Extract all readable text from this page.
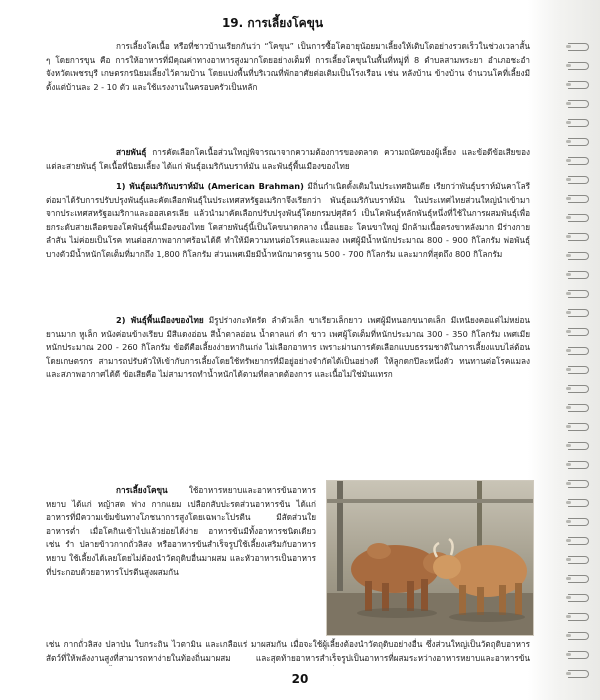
19. การเลี้ยงโคขุน

การเลี้ยงโคเนื้อ หรือที่ชาวบ้านเรียกกันว่า “โคขุน” เป็นการซื้อโคอายุน้อยมาเลี้ยงให้เติบโตอย่างรวดเร็วในช่วงเวลาสั้น ๆ โดยการขุน คือ การให้อาหารที่มีคุณค่าทางอาหารสูงมากโดยอย่างเต็มที่ การเลี้ยงโคขุนในพื้นที่หมู่ที่ 8 ตำบลสามพระยา อำเภอชะอำ จังหวัดเพชรบุรี เกษตรกรนิยมเลี้ยงไว้ตามบ้าน โดยแบ่งพื้นที่บริเวณที่พักอาศัยต่อเติมเป็นโรงเรือน เช่น หลังบ้าน ข้างบ้าน จำนวนโคที่เลี้ยงมีตั้งแต่บ้านละ 2 - 10 ตัว และใช้แรงงานในครอบครัวเป็นหลัก

สายพันธุ์ การคัดเลือกโคเนื้อส่วนใหญ่พิจารณาจากความต้องการของตลาด ความถนัดของผู้เลี้ยง และข้อดีข้อเสียของแต่ละสายพันธุ์ โคเนื้อที่นิยมเลี้ยง ได้แก่ พันธุ์อเมริกันบราห์มัน และพันธุ์พื้นเมืองของไทย

1) พันธุ์อเมริกันบราห์มัน (American Brahman) มีถิ่นกำเนิดดั้งเดิมในประเทศอินเดีย เรียกว่าพันธุ์บราห์มันคาโลรี ต่อมาได้รับการปรับปรุงพันธุ์และคัดเลือกพันธุ์ในประเทศสหรัฐอเมริกาจึงเรียกว่า พันธุ์อเมริกันบราห์มัน ในประเทศไทยส่วนใหญ่นำเข้ามาจากประเทศสหรัฐอเมริกาและออสเตรเลีย แล้วนำมาคัดเลือกปรับปรุงพันธุ์โดยกรมปศุสัตว์ เป็นโคพันธุ์หลักพันธุ์หนึ่งที่ใช้ในการผสมพันธุ์เพื่อยกระดับสายเลือดของโคพันธุ์พื้นเมืองของไทย โคสายพันธุ์นี้เป็นโคขนาดกลาง เนื้อแยอะ โคนขาใหญ่ มีกล้ามเนื้อตรงขาหลังมาก มีร่างกายลำสัน ไม่ค่อยเป็นโรค ทนต่อสภาพอากาศร้อนได้ดี ทำให้มีความทนต่อโรคและแมลง เพศผู้มีน้ำหนักประมาณ 800 - 900 กิโลกรัม พ่อพันธุ์บางตัวมีน้ำหนักโตเต็มที่มากถึง 1,800 กิโลกรัม ส่วนเพศเมียมีน้ำหนักมาตรฐาน 500 - 700 กิโลกรัม และมากที่สุดถึง 800 กิโลกรัม

2) พันธุ์พื้นเมืองของไทย มีรูปร่างกะทัดรัด ลำตัวเล็ก ขาเรียวเล็กยาว เพศผู้มีหนอกขนาดเล็ก มีเหนียงคอแต่ไม่หย่อนยานมาก หูเล็ก หนังค่อนข้างเรียบ มีสีแดงอ่อน สีน้ำตาลอ่อน น้ำตาลแก่ ดำ ขาว เพศผู้โตเต็มที่หนักประมาณ 300 - 350 กิโลกรัม เพศเมียหนักประมาณ 200 - 260 กิโลกรัม ข้อดีคือเลี้ยงง่ายหากินเก่ง ไม่เลือกอาหาร เพราะผ่านการคัดเลือกแบบธรรมชาติในการเลี้ยงแบบไล่ต้อนโดยเกษตรกร สามารถปรับตัวให้เข้ากับการเลี้ยงโดยใช้ทรัพยากรที่มีอยู่อย่างจำกัดได้เป็นอย่างดี ให้ลูกดกปีละหนึ่งตัว ทนทานต่อโรคแมลง และสภาพอากาศได้ดี ข้อเสียคือ ไม่สามารถทำน้ำหนักได้ตามที่ตลาดต้องการ และเนื้อไม่ใช่มันแทรก

การเลี้ยงโคขุน ใช้อาหารหยาบและอาหารข้นอาหารหยาบ ได้แก่ หญ้าสด ฟาง กากแยม เปลือกสับปะรดส่วนอาหารข้น ได้แก่ อาหารที่มีความเข้มข้นทางโภชนาการสูงโดยเฉพาะโปรตีน มีสัดส่วนใยอาหารต่ำ เมื่อโคกินเข้าไปแล้วย่อยได้ง่าย อาหารข้นมีทั้งอาหารชนิดเดียว เช่น รำ ปลายข้าวกากถั่วลิสง หรืออาหารข้นสำเร็จรูปใช้เลี้ยงเสริมกับอาหารหยาบ ใช้เลี้ยงได้เลยโดยไม่ต้องนำวัตถุดิบอื่นมาผสม และหัวอาหารเป็นอาหารที่ประกอบด้วยอาหารโปรตีนสูงผสมกัน

เช่น กากถั่วลิสง ปลาป่น ใบกระถิน ไวตามิน และเกลือแร่ มาผสมกัน เมื่อจะใช้ผู้เลี้ยงต้องนำวัตถุดิบอย่างอื่น ซึ่งส่วนใหญ่เป็นวัตถุดิบอาหารสัตว์ที่ให้พลังงานสูงที่สามารถหาง่ายในท้องถิ่นมาผสม และสุดท้ายอาหารสำเร็จรูปเป็นอาหารที่ผสมระหว่างอาหารหยาบและอาหารข้น

20
